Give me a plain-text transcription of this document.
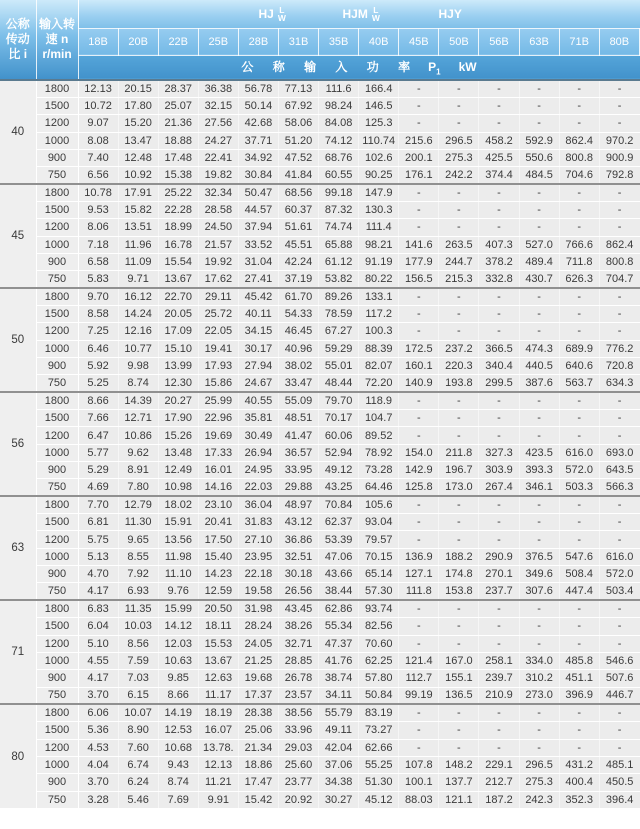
公称
传动
比 i

输入转
速 n
r/min

HJ L
W	HJM L
W	HJY

		18B	20B	22B	25B	28B	31B	35B	40B	45B	50B	56B	63B	71B	80B
		公 称 输 入 功 率 $P_1$ kW													
40	1800	12.13	20.15	28.37	36.38	56.78	77.13	111.6	166.4	-	-	-	-	-	-
	1500	10.72	17.80	25.07	32.15	50.14	67.92	98.24	146.5	-	-	-	-	-	-
	1200	9.07	15.20	21.36	27.56	42.68	58.06	84.08	125.3	-	-	-	-	-	-
	1000	8.08	13.47	18.88	24.27	37.71	51.20	74.12	110.74	215.6	296.5	458.2	592.9	862.4	970.2
	900	7.40	12.48	17.48	22.41	34.92	47.52	68.76	102.6	200.1	275.3	425.5	550.6	800.8	900.9
	750	6.56	10.92	15.38	19.82	30.84	41.84	60.55	90.25	176.1	242.2	374.4	484.5	704.6	792.8
45	1800	10.78	17.91	25.22	32.34	50.47	68.56	99.18	147.9	-	-	-	-	-	-
	1500	9.53	15.82	22.28	28.58	44.57	60.37	87.32	130.3	-	-	-	-	-	-
	1200	8.06	13.51	18.99	24.50	37.94	51.61	74.74	111.4	-	-	-	-	-	-
	1000	7.18	11.96	16.78	21.57	33.52	45.51	65.88	98.21	141.6	263.5	407.3	527.0	766.6	862.4
	900	6.58	11.09	15.54	19.92	31.04	42.24	61.12	91.19	177.9	244.7	378.2	489.4	711.8	800.8
	750	5.83	9.71	13.67	17.62	27.41	37.19	53.82	80.22	156.5	215.3	332.8	430.7	626.3	704.7
50	1800	9.70	16.12	22.70	29.11	45.42	61.70	89.26	133.1	-	-	-	-	-	-
	1500	8.58	14.24	20.05	25.72	40.11	54.33	78.59	117.2	-	-	-	-	-	-
	1200	7.25	12.16	17.09	22.05	34.15	46.45	67.27	100.3	-	-	-	-	-	-
	1000	6.46	10.77	15.10	19.41	30.17	40.96	59.29	88.39	172.5	237.2	366.5	474.3	689.9	776.2
	900	5.92	9.98	13.99	17.93	27.94	38.02	55.01	82.07	160.1	220.3	340.4	440.5	640.6	720.8
	750	5.25	8.74	12.30	15.86	24.67	33.47	48.44	72.20	140.9	193.8	299.5	387.6	563.7	634.3
56	1800	8.66	14.39	20.27	25.99	40.55	55.09	79.70	118.9	-	-	-	-	-	-
	1500	7.66	12.71	17.90	22.96	35.81	48.51	70.17	104.7	-	-	-	-	-	-
	1200	6.47	10.86	15.26	19.69	30.49	41.47	60.06	89.52	-	-	-	-	-	-
	1000	5.77	9.62	13.48	17.33	26.94	36.57	52.94	78.92	154.0	211.8	327.3	423.5	616.0	693.0
	900	5.29	8.91	12.49	16.01	24.95	33.95	49.12	73.28	142.9	196.7	303.9	393.3	572.0	643.5
	750	4.69	7.80	10.98	14.16	22.03	29.88	43.25	64.46	125.8	173.0	267.4	346.1	503.3	566.3
63	1800	7.70	12.79	18.02	23.10	36.04	48.97	70.84	105.6	-	-	-	-	-	-
	1500	6.81	11.30	15.91	20.41	31.83	43.12	62.37	93.04	-	-	-	-	-	-
	1200	5.75	9.65	13.56	17.50	27.10	36.86	53.39	79.57	-	-	-	-	-	-
	1000	5.13	8.55	11.98	15.40	23.95	32.51	47.06	70.15	136.9	188.2	290.9	376.5	547.6	616.0
	900	4.70	7.92	11.10	14.23	22.18	30.18	43.66	65.14	127.1	174.8	270.1	349.6	508.4	572.0
	750	4.17	6.93	9.76	12.59	19.58	26.56	38.44	57.30	111.8	153.8	237.7	307.6	447.4	503.4
71	1800	6.83	11.35	15.99	20.50	31.98	43.45	62.86	93.74	-	-	-	-	-	-
	1500	6.04	10.03	14.12	18.11	28.24	38.26	55.34	82.56	-	-	-	-	-	-
	1200	5.10	8.56	12.03	15.53	24.05	32.71	47.37	70.60	-	-	-	-	-	-
	1000	4.55	7.59	10.63	13.67	21.25	28.85	41.76	62.25	121.4	167.0	258.1	334.0	485.8	546.6
	900	4.17	7.03	9.85	12.63	19.68	26.78	38.74	57.80	112.7	155.1	239.7	310.2	451.1	507.6
	750	3.70	6.15	8.66	11.17	17.37	23.57	34.11	50.84	99.19	136.5	210.9	273.0	396.9	446.7
80	1800	6.06	10.07	14.19	18.19	28.38	38.56	55.79	83.19	-	-	-	-	-	-
	1500	5.36	8.90	12.53	16.07	25.06	33.96	49.11	73.27	-	-	-	-	-	-
	1200	4.53	7.60	10.68	13.78.	21.34	29.03	42.04	62.66	-	-	-	-	-	-
	1000	4.04	6.74	9.43	12.13	18.86	25.60	37.06	55.25	107.8	148.2	229.1	296.5	431.2	485.1
	900	3.70	6.24	8.74	11.21	17.47	23.77	34.38	51.30	100.1	137.7	212.7	275.3	400.4	450.5
	750	3.28	5.46	7.69	9.91	15.42	20.92	30.27	45.12	88.03	121.1	187.2	242.3	352.3	396.4
